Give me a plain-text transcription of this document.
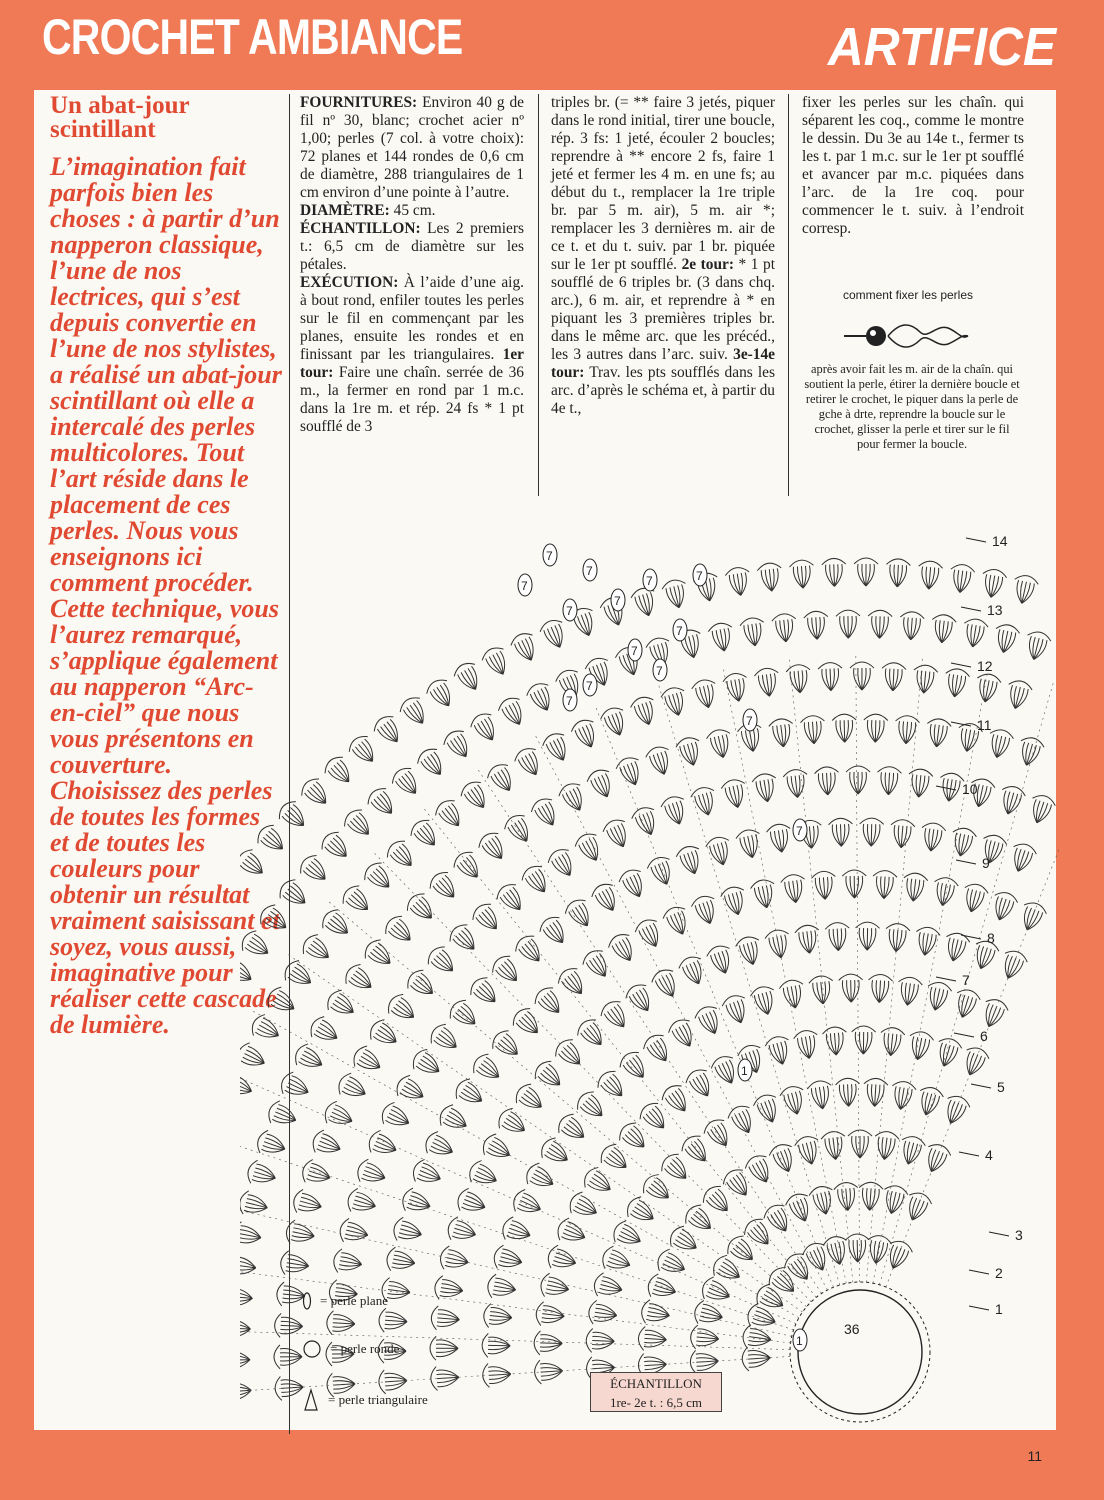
CROCHET AMBIANCE	ARTIFICE
Un abat-jour scintillant
L’imagination fait parfois bien les choses : à partir d’un napperon classique, l’une de nos lectrices, qui s’est depuis convertie en l’une de nos stylistes, a réalisé un abat-jour scintillant où elle a intercalé des perles multicolores. Tout l’art réside dans le placement de ces perles. Nous vous enseignons ici comment procéder. Cette technique, vous l’aurez remarqué, s’applique également au napperon “Arc-en-ciel” que nous vous présentons en couverture. Choisissez des perles de toutes les formes et de toutes les couleurs pour obtenir un résultat vraiment saisissant et soyez, vous aussi, imaginative pour réaliser cette cascade de lumière.

FOURNITURES: Environ 40 g de fil nº 30, blanc; crochet acier nº 1,00; perles (7 col. à votre choix): 72 planes et 144 rondes de 0,6 cm de diamètre, 288 triangulaires de 1 cm environ d’une pointe à l’autre.

DIAMÈTRE: 45 cm.

ÉCHANTILLON: Les 2 premiers t.: 6,5 cm de diamètre sur les pétales.

EXÉCUTION: À l’aide d’une aig. à bout rond, enfiler toutes les perles sur le fil en commençant par les planes, ensuite les rondes et en finissant par les triangulaires. 1er tour: Faire une chaîn. serrée de 36 m., la fermer en rond par 1 m.c. dans la 1re m. et rép. 24 fs * 1 pt soufflé de 3

triples br. (= ** faire 3 jetés, piquer dans le rond initial, tirer une boucle, rép. 3 fs: 1 jeté, écouler 2 boucles; reprendre à ** encore 2 fs, faire 1 jeté et fermer les 4 m. en une fs; au début du t., remplacer la 1re triple br. par 5 m. air), 5 m. air *; remplacer les 3 dernières m. air de ce t. et du t. suiv. par 1 br. piquée sur le 1er pt soufflé. 2e tour: * 1 pt soufflé de 6 triples br. (3 dans chq. arc.), 6 m. air, et reprendre à * en piquant les 3 premières triples br. dans le même arc. que les précéd., les 3 autres dans l’arc. suiv. 3e-14e tour: Trav. les pts soufflés dans les arc. d’après le schéma et, à partir du 4e t.,

fixer les perles sur les chaîn. qui séparent les coq., comme le montre le dessin. Du 3e au 14e t., fermer ts les t. par 1 m.c. sur le 1er pt soufflé et avancer par m.c. piquées dans l’arc. de la 1re coq. pour commencer le t. suiv. à l’endroit corresp.

comment fixer les perles
après avoir fait les m. air de la chaîn. qui soutient la perle, étirer la dernière boucle et retirer le crochet, le piquer dans la perle de gche à drte, reprendre la boucle sur le crochet, glisser la perle et tirer sur le fil pour fermer la boucle.
36
7
7
7
7
7
7	7
7
7
7
7
7
7
7
1
1
1
2
3
4
5
6
7
8
9
10
11
12
13
14
= perle plane
= perle ronde
= perle triangulaire
ÉCHANTILLON
1re- 2e t. : 6,5 cm
11
